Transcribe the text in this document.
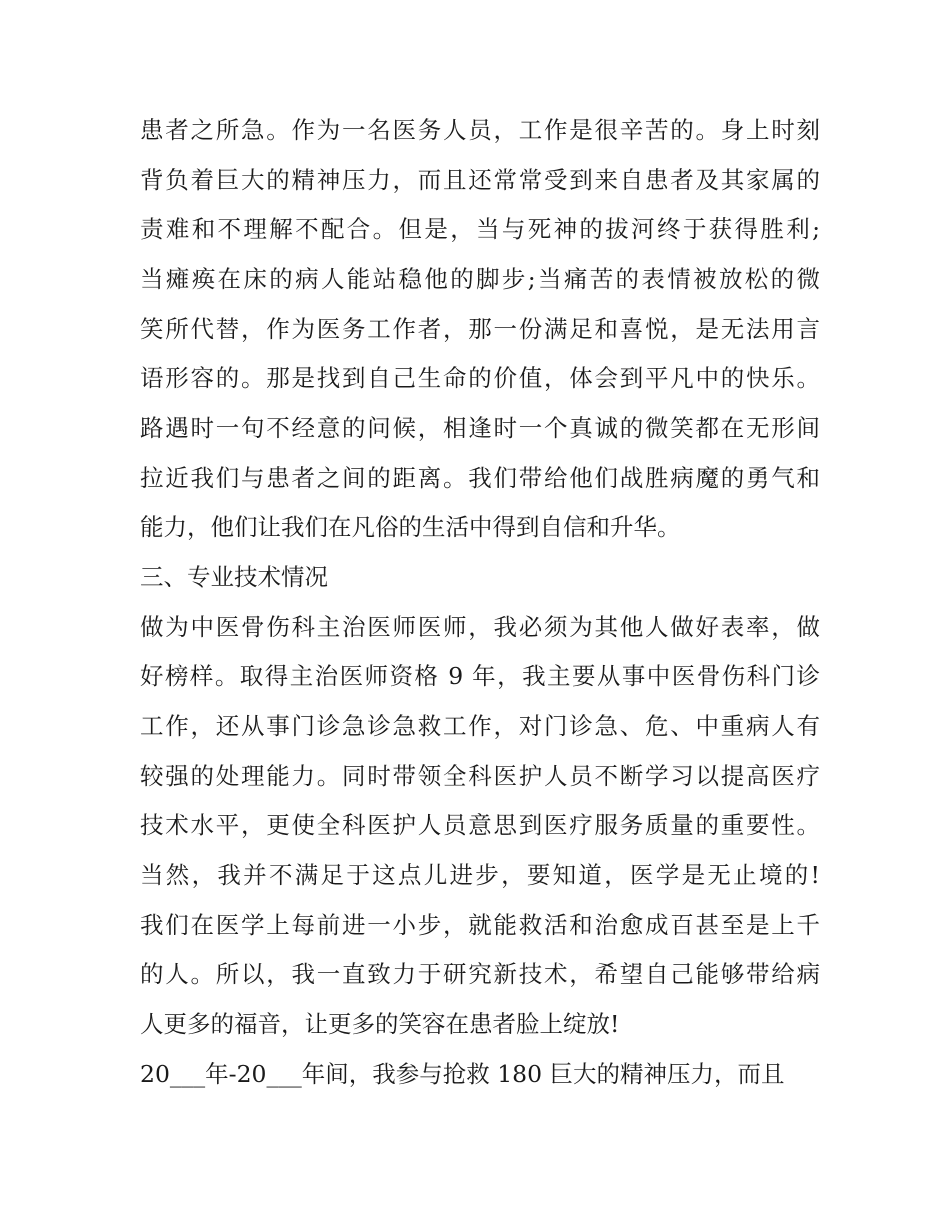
患者之所急。作为一名医务人员，工作是很辛苦的。身上时刻
背负着巨大的精神压力，而且还常常受到来自患者及其家属的
责难和不理解不配合。但是，当与死神的拔河终于获得胜利;
当瘫痪在床的病人能站稳他的脚步;当痛苦的表情被放松的微
笑所代替，作为医务工作者，那一份满足和喜悦，是无法用言
语形容的。那是找到自己生命的价值，体会到平凡中的快乐。
路遇时一句不经意的问候，相逢时一个真诚的微笑都在无形间
拉近我们与患者之间的距离。我们带给他们战胜病魔的勇气和
能力，他们让我们在凡俗的生活中得到自信和升华。
三、专业技术情况
做为中医骨伤科主治医师医师，我必须为其他人做好表率，做
好榜样。取得主治医师资格 9 年，我主要从事中医骨伤科门诊
工作，还从事门诊急诊急救工作，对门诊急、危、中重病人有
较强的处理能力。同时带领全科医护人员不断学习以提高医疗
技术水平，更使全科医护人员意思到医疗服务质量的重要性。
当然，我并不满足于这点儿进步，要知道，医学是无止境的!
我们在医学上每前进一小步，就能救活和治愈成百甚至是上千
的人。所以，我一直致力于研究新技术，希望自己能够带给病
人更多的福音，让更多的笑容在患者脸上绽放!
20___年-20___年间，我参与抢救 180 巨大的精神压力，而且
